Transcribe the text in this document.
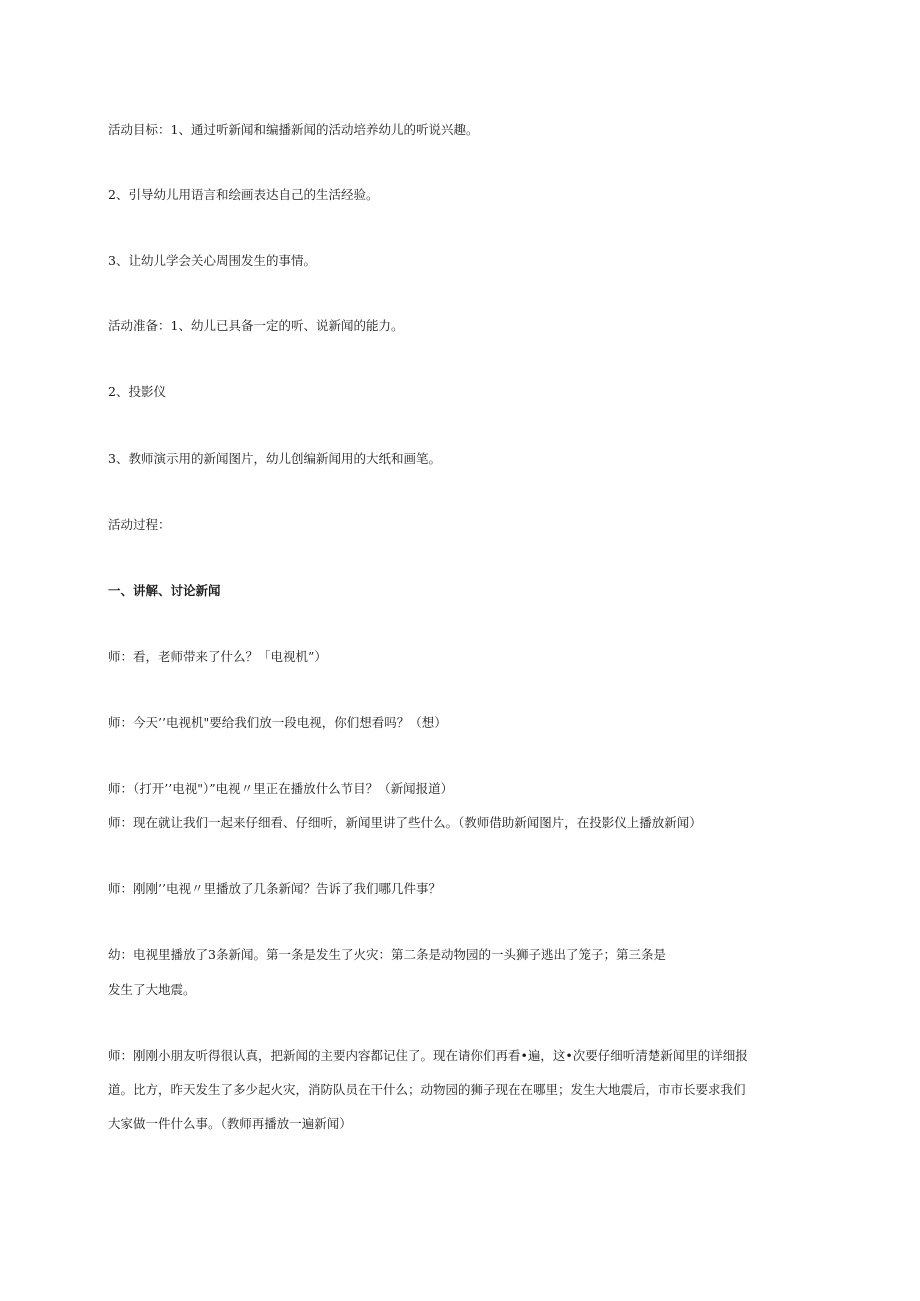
活动目标：1、通过听新闻和编播新闻的活动培养幼儿的听说兴趣。
2、引导幼儿用语言和绘画表达自己的生活经验。
3、让幼儿学会关心周围发生的事情。
活动准备：1、幼儿已具备一定的听、说新闻的能力。
2、投影仪
3、教师演示用的新闻图片，幼儿创编新闻用的大纸和画笔。
活动过程：
一、讲解、讨论新闻
师：看，老师带来了什么？「电视机”）
师：今天’’电视机"要给我们放一段电视，你们想看吗？（想）
师：（打开’’电视"）”电视〃里正在播放什么节目？（新闻报道）
师：现在就让我们一起来仔细看、仔细听，新闻里讲了些什么。（教师借助新闻图片，在投影仪上播放新闻）
师：刚刚’’电视〃里播放了几条新闻？告诉了我们哪几件事？
幼：电视里播放了3条新闻。第一条是发生了火灾：第二条是动物园的一头狮子逃出了笼子；第三条是
发生了大地震。
师：刚刚小朋友听得很认真，把新闻的主要内容都记住了。现在请你们再看•遍，这•次要仔细听清楚新闻里的详细报
道。比方，昨天发生了多少起火灾，消防队员在干什么；动物园的狮子现在在哪里；发生大地震后，市市长要求我们
大家做一件什么事。（教师再播放一遍新闻）
